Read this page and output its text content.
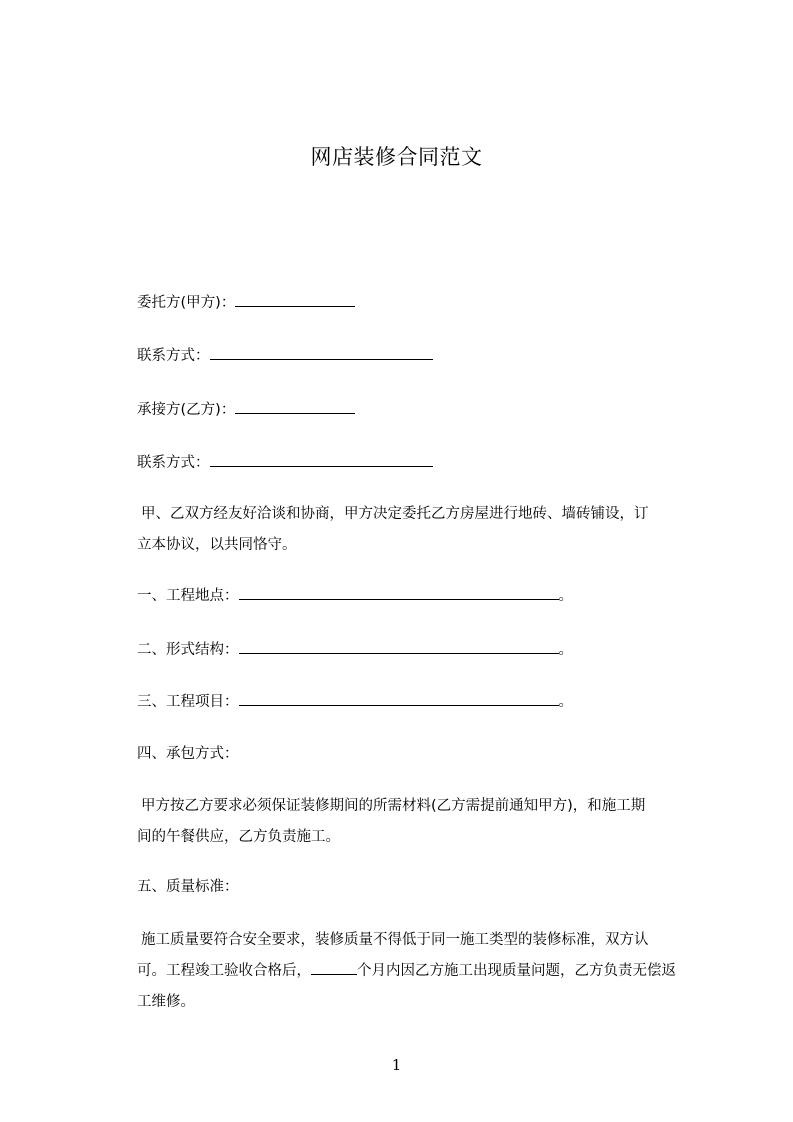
网店装修合同范文
委托方(甲方)：
联系方式：
承接方(乙方)：
联系方式：
甲、乙双方经友好洽谈和协商，甲方决定委托乙方房屋进行地砖、墙砖铺设，订
立本协议，以共同恪守。
一、工程地点：	。
二、形式结构：	。
三、工程项目：	。
四、承包方式：
甲方按乙方要求必须保证装修期间的所需材料(乙方需提前通知甲方)，和施工期
间的午餐供应，乙方负责施工。
五、质量标准：
施工质量要符合安全要求，装修质量不得低于同一施工类型的装修标准，双方认
可。工程竣工验收合格后，	个月内因乙方施工出现质量问题，乙方负责无偿返
工维修。
1
